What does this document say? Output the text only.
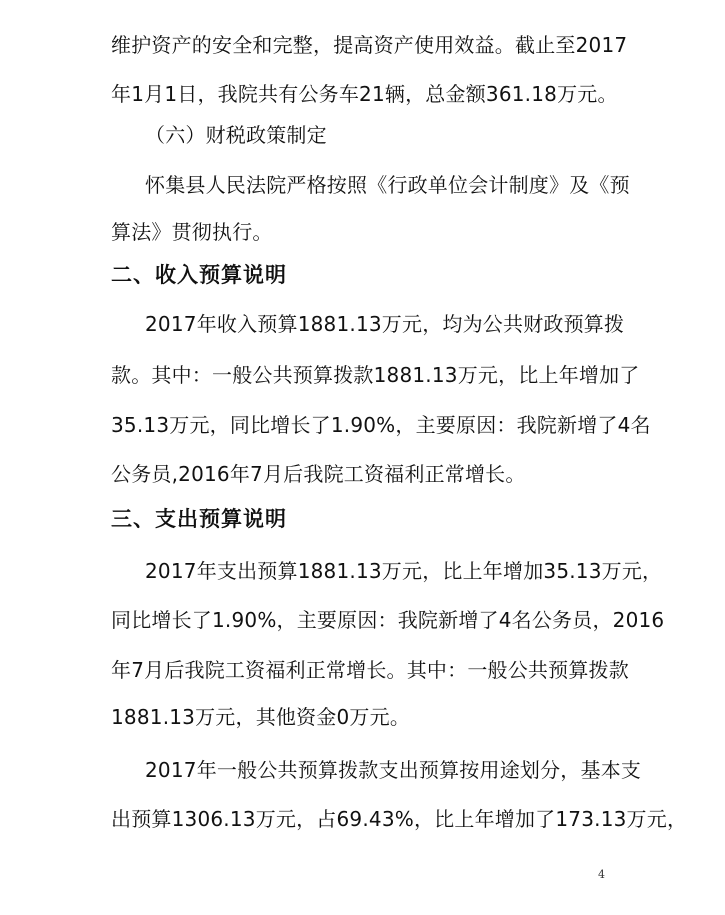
维护资产的安全和完整，提高资产使用效益。截止至2017
年1月1日，我院共有公务车21辆，总金额361.18万元。
（六）财税政策制定
怀集县人民法院严格按照《行政单位会计制度》及《预
算法》贯彻执行。
二、收入预算说明
2017年收入预算1881.13万元，均为公共财政预算拨
款。其中：一般公共预算拨款1881.13万元，比上年增加了
35.13万元，同比增长了1.90%，主要原因：我院新增了4名
公务员,2016年7月后我院工资福利正常增长。
三、支出预算说明
2017年支出预算1881.13万元，比上年增加35.13万元，
同比增长了1.90%，主要原因：我院新增了4名公务员，2016
年7月后我院工资福利正常增长。其中：一般公共预算拨款
1881.13万元，其他资金0万元。
2017年一般公共预算拨款支出预算按用途划分，基本支
出预算1306.13万元，占69.43%，比上年增加了173.13万元，
4
